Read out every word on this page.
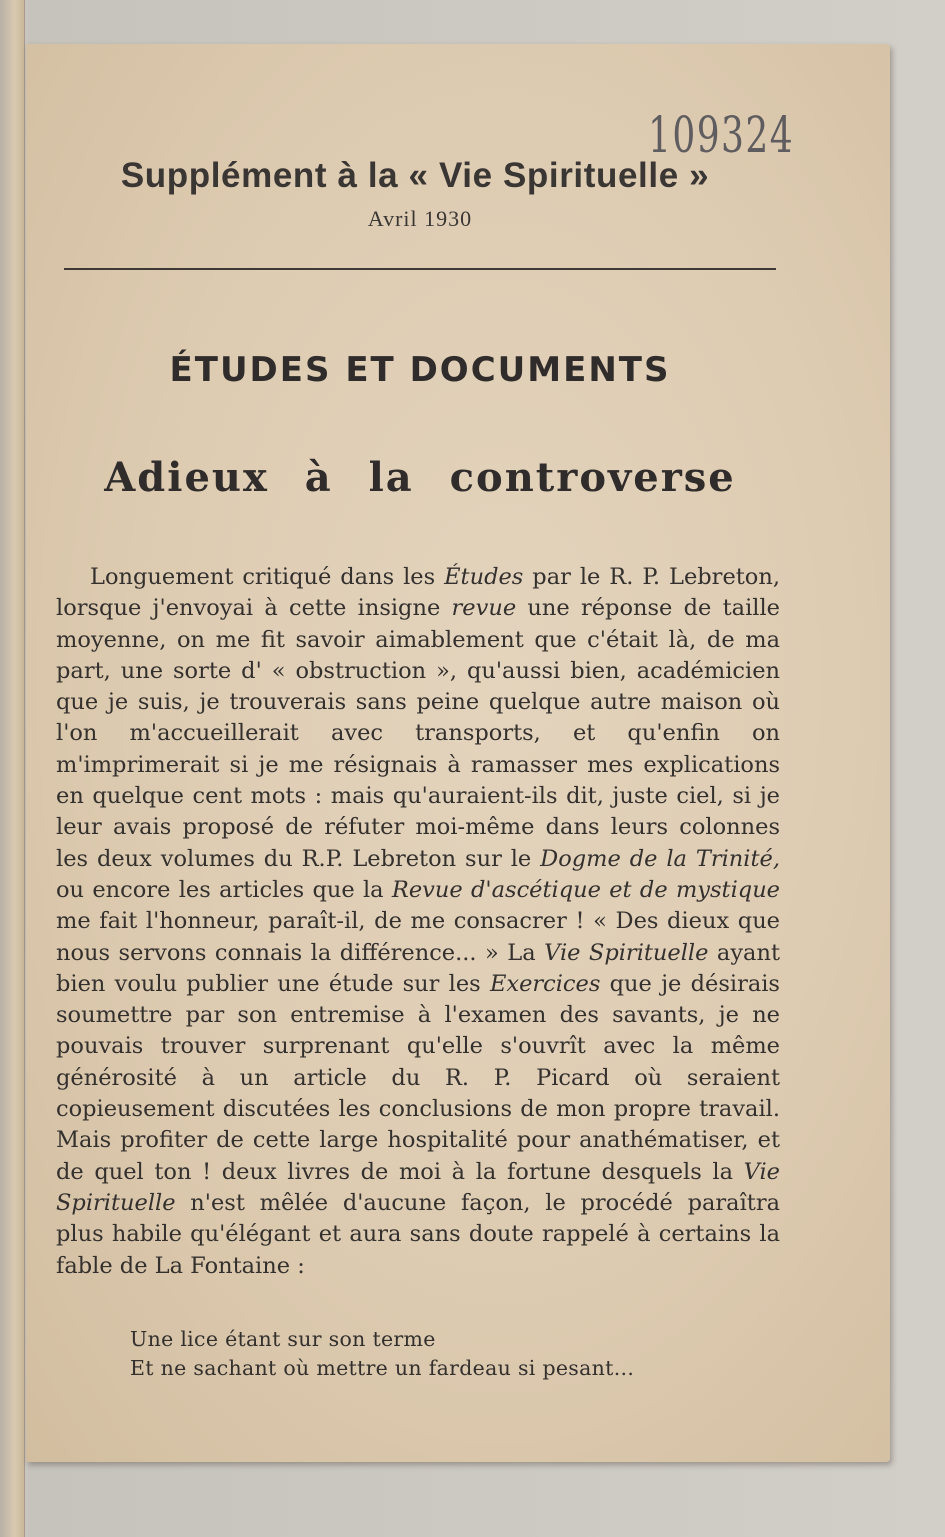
109324
Supplément à la « Vie Spirituelle »
Avril 1930
ÉTUDES ET DOCUMENTS
Adieux à la controverse

Longuement critiqué dans les Études par le R. P. Lebreton, lorsque j'envoyai à cette insigne revue une réponse de taille moyenne, on me fit savoir aimablement que c'était là, de ma part, une sorte d' « obstruction », qu'aussi bien, académicien que je suis, je trouverais sans peine quelque autre maison où l'on m'accueillerait avec transports, et qu'enfin on m'imprimerait si je me résignais à ramasser mes explications en quelque cent mots : mais qu'auraient-ils dit, juste ciel, si je leur avais proposé de réfuter moi-même dans leurs colonnes les deux volumes du R.P. Lebreton sur le Dogme de la Trinité, ou encore les articles que la Revue d'ascétique et de mystique me fait l'honneur, paraît-il, de me consacrer ! « Des dieux que nous servons connais la différence... » La Vie Spirituelle ayant bien voulu publier une étude sur les Exercices que je désirais soumettre par son entremise à l'examen des savants, je ne pouvais trouver surprenant qu'elle s'ouvrît avec la même générosité à un article du R. P. Picard où seraient copieusement discutées les conclusions de mon propre travail. Mais profiter de cette large hospitalité pour anathématiser, et de quel ton ! deux livres de moi à la fortune desquels la Vie Spirituelle n'est mêlée d'aucune façon, le procédé paraîtra plus habile qu'élégant et aura sans doute rappelé à certains la fable de La Fontaine :

Une lice étant sur son terme
Et ne sachant où mettre un fardeau si pesant...
